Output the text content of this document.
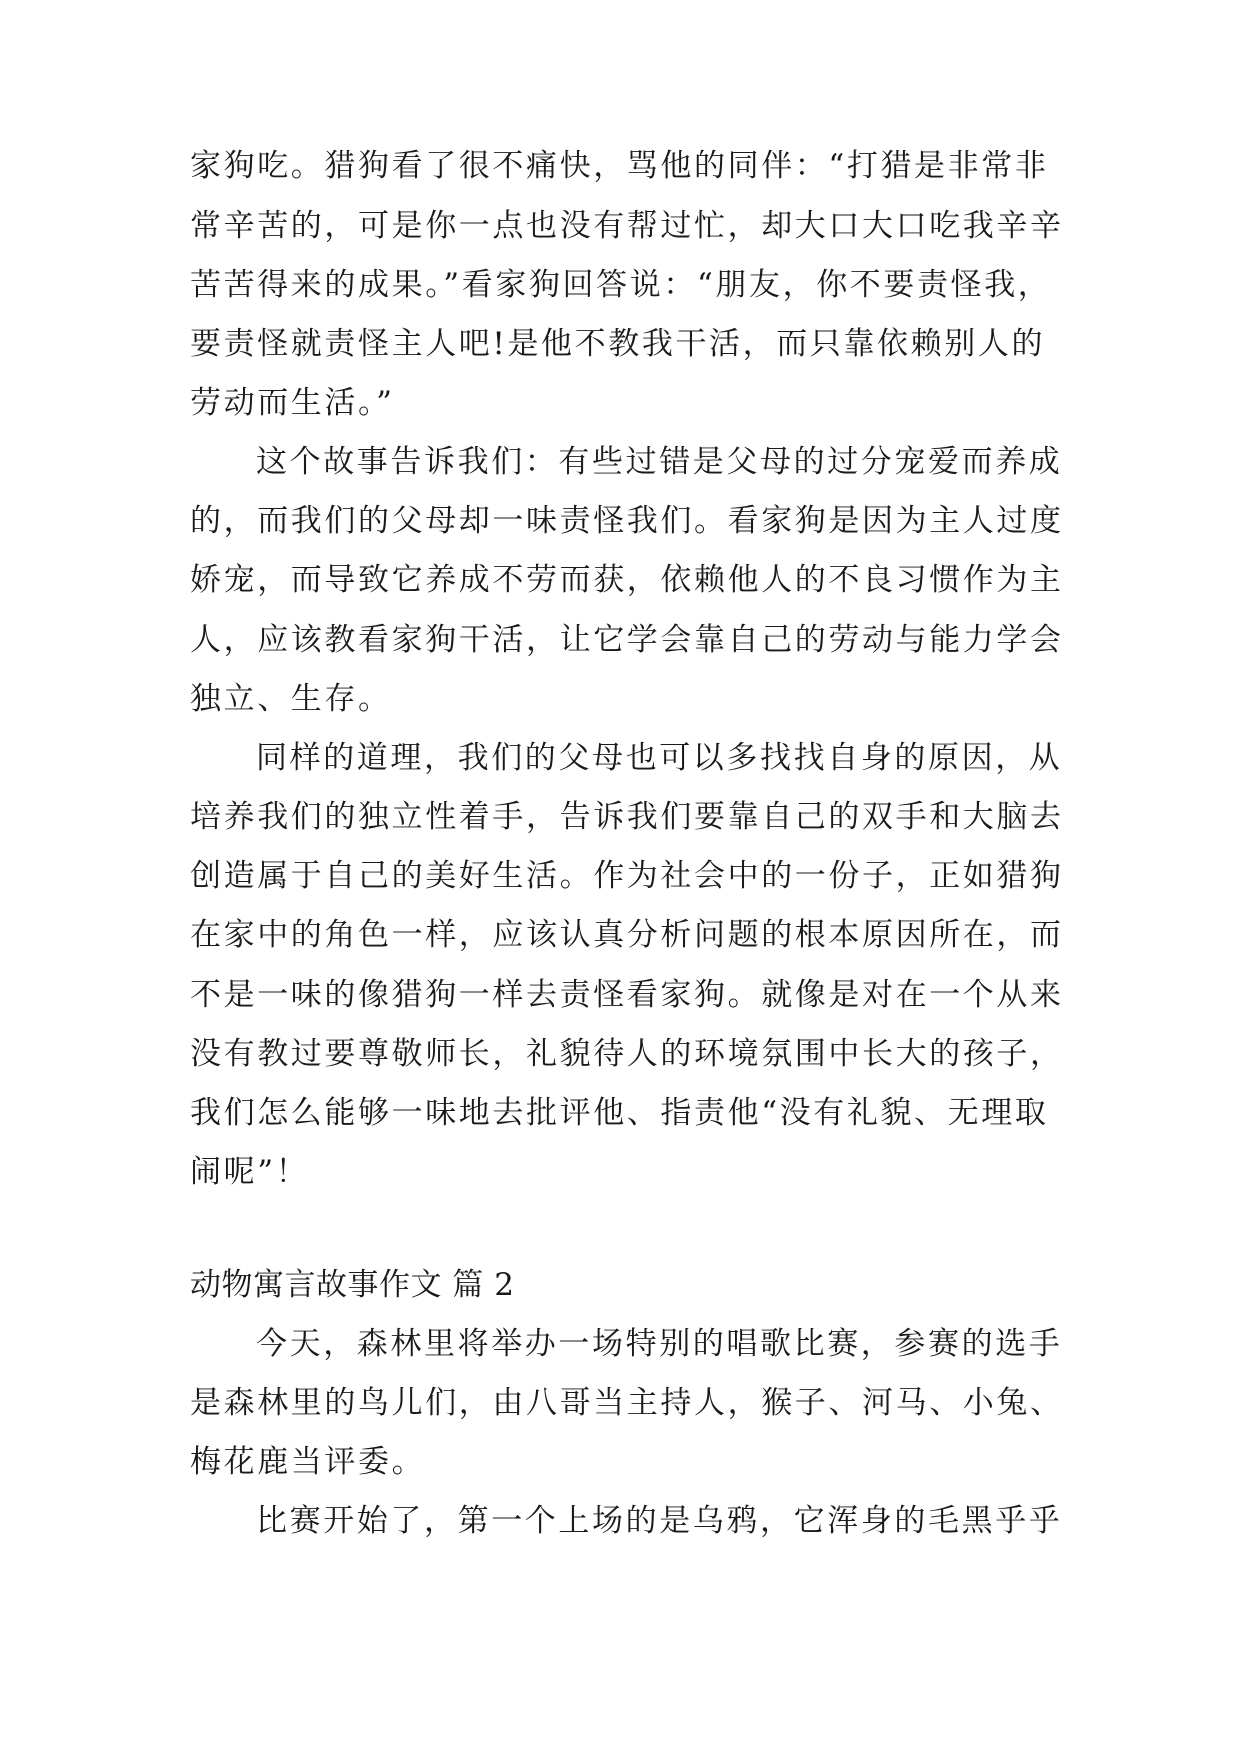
家狗吃。猎狗看了很不痛快，骂他的同伴：“打猎是非常非
常辛苦的，可是你一点也没有帮过忙，却大口大口吃我辛辛
苦苦得来的成果。”看家狗回答说：“朋友，你不要责怪我，
要责怪就责怪主人吧!是他不教我干活，而只靠依赖别人的
劳动而生活。”
这个故事告诉我们：有些过错是父母的过分宠爱而养成
的，而我们的父母却一味责怪我们。看家狗是因为主人过度
娇宠，而导致它养成不劳而获，依赖他人的不良习惯作为主
人，应该教看家狗干活，让它学会靠自己的劳动与能力学会
独立、生存。
同样的道理，我们的父母也可以多找找自身的原因，从
培养我们的独立性着手，告诉我们要靠自己的双手和大脑去
创造属于自己的美好生活。作为社会中的一份子，正如猎狗
在家中的角色一样，应该认真分析问题的根本原因所在，而
不是一味的像猎狗一样去责怪看家狗。就像是对在一个从来
没有教过要尊敬师长，礼貌待人的环境氛围中长大的孩子，
我们怎么能够一味地去批评他、指责他“没有礼貌、无理取
闹呢”！
动物寓言故事作文 篇 2
今天，森林里将举办一场特别的唱歌比赛，参赛的选手
是森林里的鸟儿们，由八哥当主持人，猴子、河马、小兔、
梅花鹿当评委。
比赛开始了，第一个上场的是乌鸦，它浑身的毛黑乎乎
